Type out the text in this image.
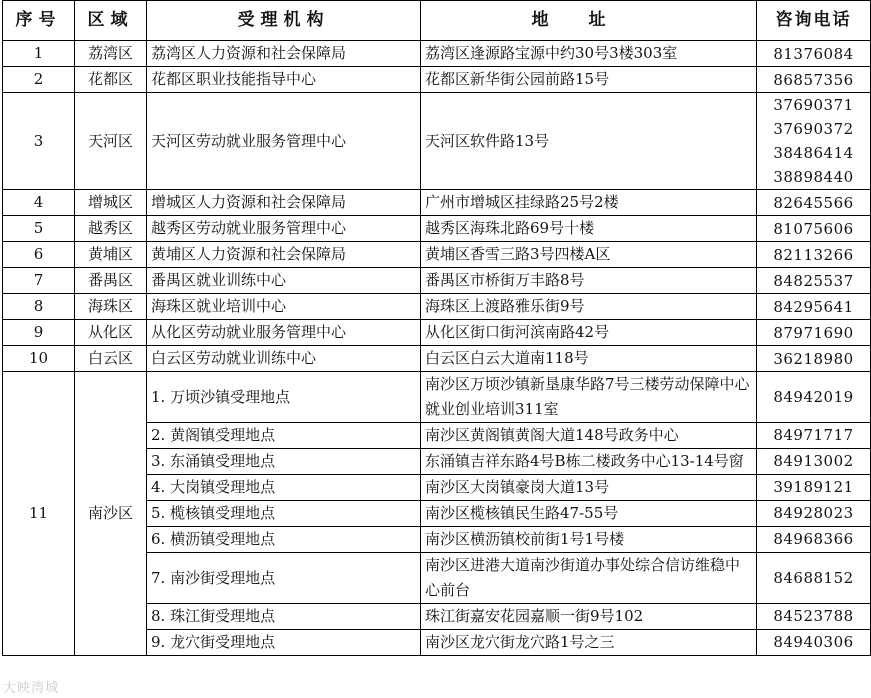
序号	区域	受理机构	地址	咨询电话
1	荔湾区	荔湾区人力资源和社会保障局	荔湾区逢源路宝源中约30号3楼303室	81376084

2	花都区	花都区职业技能指导中心	花都区新华街公园前路15号	86857356

3	天河区	天河区劳动就业服务管理中心	天河区软件路13号	37690371
37690372
38486414
38898440

4	增城区	增城区人力资源和社会保障局	广州市增城区挂绿路25号2楼	82645566

5	越秀区	越秀区劳动就业服务管理中心	越秀区海珠北路69号十楼	81075606

6	黄埔区	黄埔区人力资源和社会保障局	黄埔区香雪三路3号四楼A区	82113266

7	番禺区	番禺区就业训练中心	番禺区市桥街万丰路8号	84825537

8	海珠区	海珠区就业培训中心	海珠区上渡路雅乐街9号	84295641

9	从化区	从化区劳动就业服务管理中心	从化区街口街河滨南路42号	87971690

10	白云区	白云区劳动就业训练中心	白云区白云大道南118号	36218980

11	南沙区	1. 万顷沙镇受理地点	南沙区万顷沙镇新垦康华路7号三楼劳动保障中心就业创业培训311室	84942019
		2. 黄阁镇受理地点	南沙区黄阁镇黄阁大道148号政务中心	84971717
		3. 东涌镇受理地点	东涌镇吉祥东路4号B栋二楼政务中心13-14号窗	84913002
		4. 大岗镇受理地点	南沙区大岗镇豪岗大道13号	39189121
		5. 榄核镇受理地点	南沙区榄核镇民生路47-55号	84928023
		6. 横沥镇受理地点	南沙区横沥镇校前街1号1号楼	84968366
		7. 南沙街受理地点	南沙区进港大道南沙街道办事处综合信访维稳中心前台	84688152
		8. 珠江街受理地点	珠江街嘉安花园嘉顺一街9号102	84523788
		9. 龙穴街受理地点	南沙区龙穴街龙穴路1号之三	84940306
大映湾城
